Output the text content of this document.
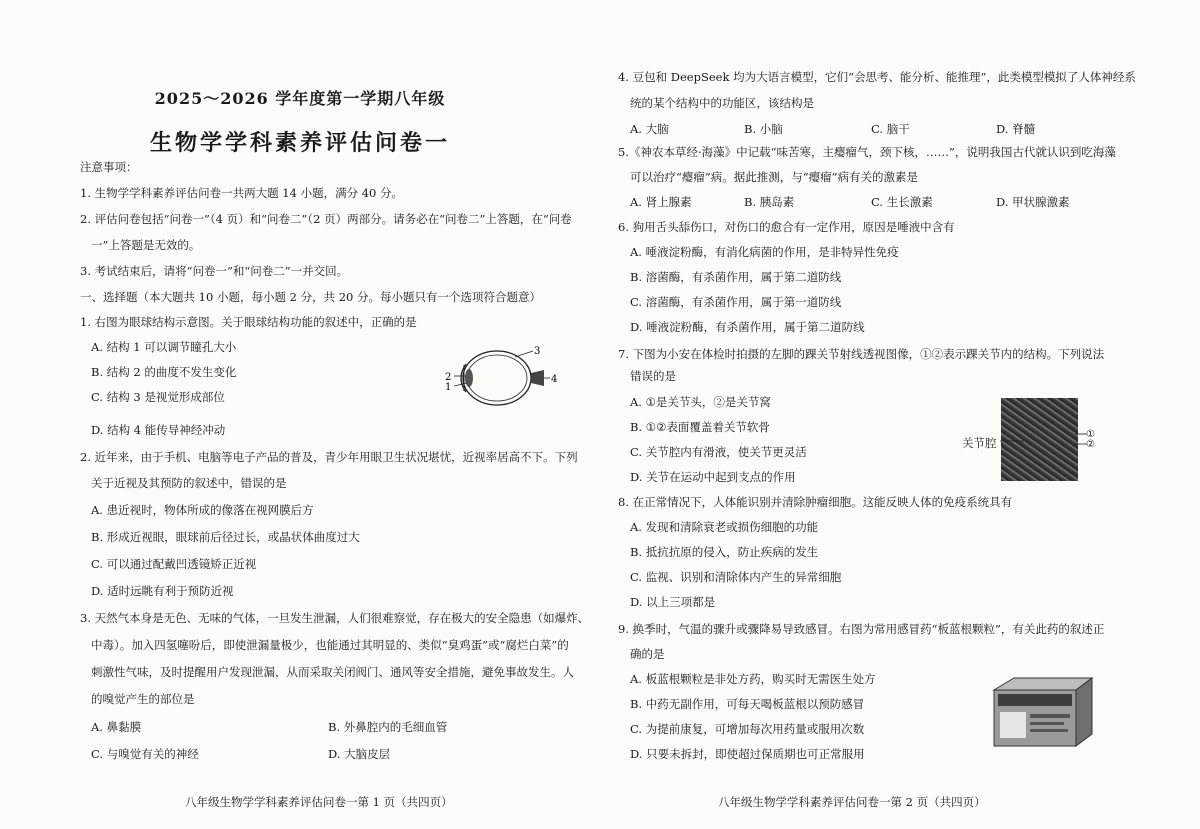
2025～2026 学年度第一学期八年级
生物学学科素养评估问卷一
注意事项：
1. 生物学学科素养评估问卷一共两大题 14 小题，满分 40 分。
2. 评估问卷包括“问卷一”（4 页）和“问卷二”（2 页）两部分。请务必在“问卷二”上答题，在“问卷
一”上答题是无效的。
3. 考试结束后，请将“问卷一”和“问卷二”一并交回。
一、选择题（本大题共 10 小题，每小题 2 分，共 20 分。每小题只有一个选项符合题意）
1. 右图为眼球结构示意图。关于眼球结构功能的叙述中，正确的是
A. 结构 1 可以调节瞳孔大小
B. 结构 2 的曲度不发生变化
C. 结构 3 是视觉形成部位
D. 结构 4 能传导神经冲动
3
4
2
1
2. 近年来，由于手机、电脑等电子产品的普及，青少年用眼卫生状况堪忧，近视率居高不下。下列
关于近视及其预防的叙述中，错误的是
A. 患近视时，物体所成的像落在视网膜后方
B. 形成近视眼，眼球前后径过长，或晶状体曲度过大
C. 可以通过配戴凹透镜矫正近视
D. 适时远眺有利于预防近视
3. 天然气本身是无色、无味的气体，一旦发生泄漏，人们很难察觉，存在极大的安全隐患（如爆炸、
中毒）。加入四氢噻吩后，即使泄漏量极少，也能通过其明显的、类似“臭鸡蛋”或“腐烂白菜”的
刺激性气味，及时提醒用户发现泄漏，从而采取关闭阀门、通风等安全措施，避免事故发生。人
的嗅觉产生的部位是
A. 鼻黏膜	B. 外鼻腔内的毛细血管
C. 与嗅觉有关的神经	D. 大脑皮层
八年级生物学学科素养评估问卷一第 1 页（共四页）
4. 豆包和 DeepSeek 均为大语言模型，它们“会思考、能分析、能推理”，此类模型模拟了人体神经系
统的某个结构中的功能区，该结构是
A. 大脑	B. 小脑	C. 脑干	D. 脊髓
5.《神农本草经·海藻》中记载“味苦寒，主瘿瘤气，颈下核，……”，说明我国古代就认识到吃海藻
可以治疗“瘿瘤”病。据此推测，与“瘿瘤”病有关的激素是
A. 肾上腺素	B. 胰岛素	C. 生长激素	D. 甲状腺激素
6. 狗用舌头舔伤口，对伤口的愈合有一定作用，原因是唾液中含有
A. 唾液淀粉酶，有消化病菌的作用，是非特异性免疫
B. 溶菌酶，有杀菌作用，属于第二道防线
C. 溶菌酶，有杀菌作用，属于第一道防线
D. 唾液淀粉酶，有杀菌作用，属于第二道防线
7. 下图为小安在体检时拍摄的左脚的踝关节射线透视图像，①②表示踝关节内的结构。下列说法
错误的是
A. ①是关节头，②是关节窝
B. ①②表面覆盖着关节软骨
C. 关节腔内有滑液，使关节更灵活
D. 关节在运动中起到支点的作用
关节腔
①
②
8. 在正常情况下，人体能识别并清除肿瘤细胞。这能反映人体的免疫系统具有
A. 发现和清除衰老或损伤细胞的功能
B. 抵抗抗原的侵入，防止疾病的发生
C. 监视、识别和清除体内产生的异常细胞
D. 以上三项都是
9. 换季时，气温的骤升或骤降易导致感冒。右图为常用感冒药“板蓝根颗粒”，有关此药的叙述正
确的是
A. 板蓝根颗粒是非处方药，购买时无需医生处方
B. 中药无副作用，可每天喝板蓝根以预防感冒
C. 为提前康复，可增加每次用药量或服用次数
D. 只要未拆封，即使超过保质期也可正常服用
八年级生物学学科素养评估问卷一第 2 页（共四页）
